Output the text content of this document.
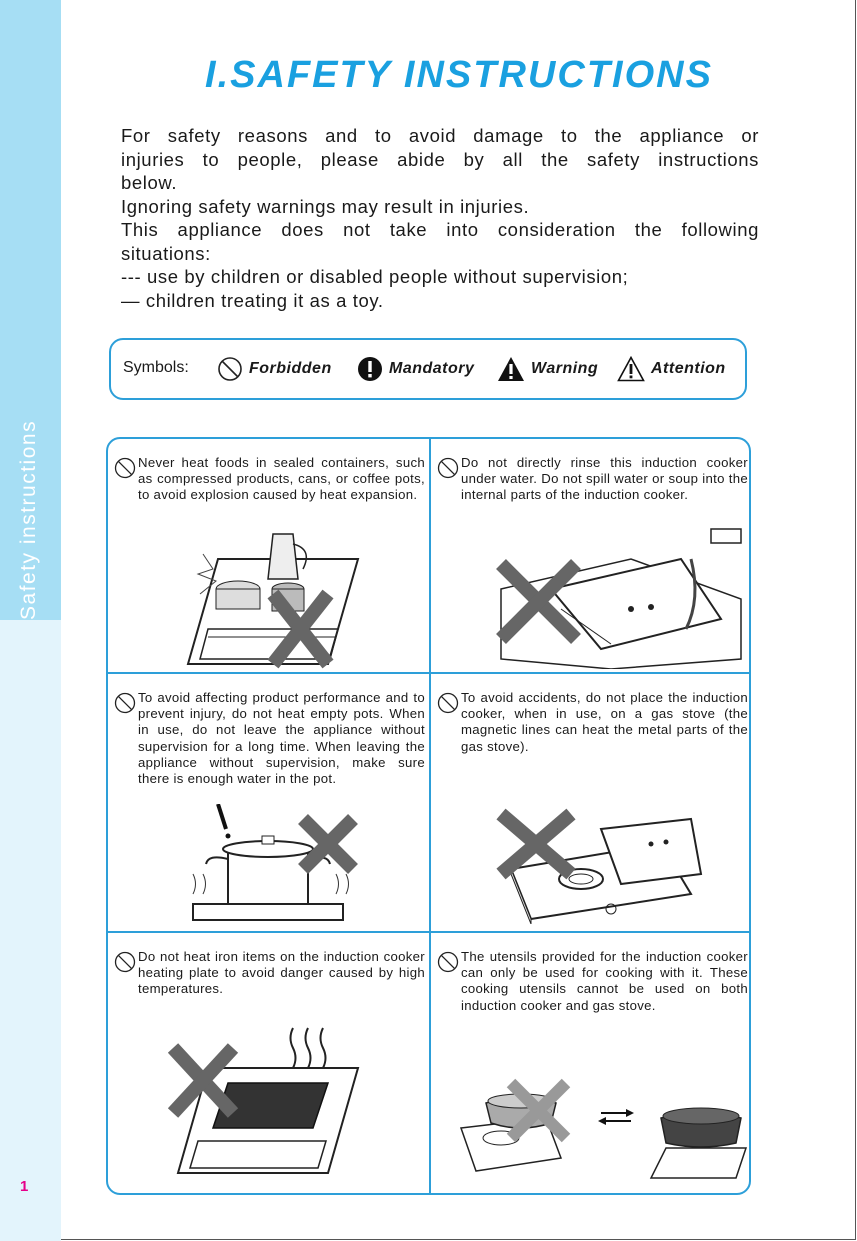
Safety instructions
1
I.SAFETY INSTRUCTIONS

For safety reasons and to avoid damage to the appliance or

injuries to people, please abide by all the safety instructions

below.

Ignoring safety warnings may result in injuries.

This appliance does not take into consideration the following

situations:

--- use by children or disabled people without supervision;

— children treating it as a toy.

Symbols:	Forbidden	Mandatory	Warning	Attention
Never heat foods in sealed containers, such as compressed products, cans, or coffee pots, to avoid explosion caused by heat expansion.
Do not directly rinse this induction cooker under water. Do not spill water or soup into the internal parts of the induction cooker.
To avoid affecting product performance and to prevent injury, do not heat empty pots. When in use, do not leave the appliance without supervision for a long time. When leaving the appliance without supervision, make sure there is enough water in the pot.
To avoid accidents, do not place the induction cooker, when in use, on a gas stove (the magnetic lines can heat the metal parts of the gas stove).
Do not heat iron items on the induction cooker heating plate to avoid danger caused by high temperatures.
The utensils provided for the induction cooker can only be used for cooking with it. These cooking utensils cannot be used on both induction cooker and gas stove.
